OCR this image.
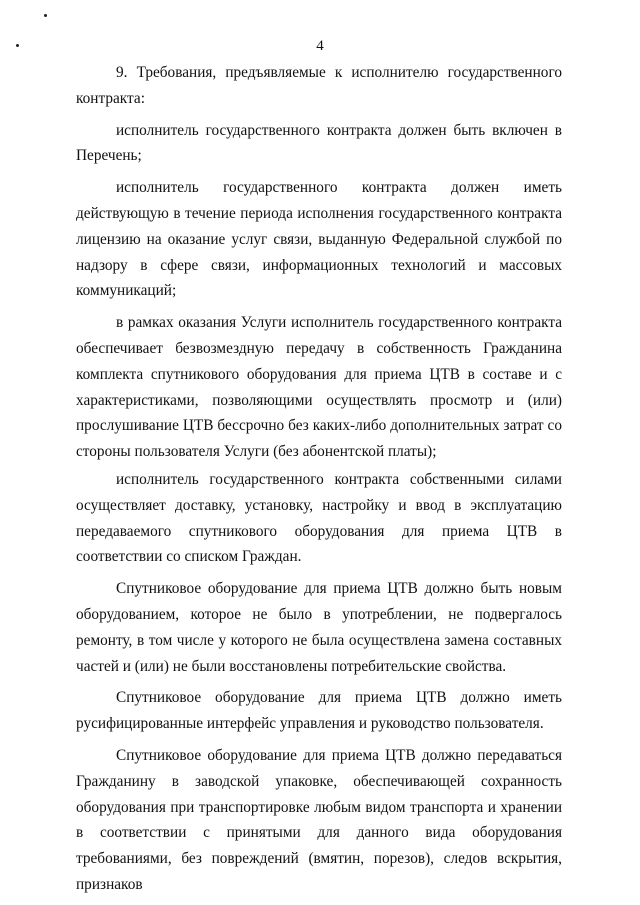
4

9. Требования, предъявляемые к исполнителю государственного контракта:

исполнитель государственного контракта должен быть включен в Перечень;

исполнитель государственного контракта должен иметь действующую в течение периода исполнения государственного контракта лицензию на оказание услуг связи, выданную Федеральной службой по надзору в сфере связи, информационных технологий и массовых коммуникаций;

в рамках оказания Услуги исполнитель государственного контракта обеспечивает безвозмездную передачу в собственность Гражданина комплекта спутникового оборудования для приема ЦТВ в составе и с характеристиками, позволяющими осуществлять просмотр и (или) прослушивание ЦТВ бессрочно без каких-либо дополнительных затрат со стороны пользователя Услуги (без абонентской платы);

исполнитель государственного контракта собственными силами осуществляет доставку, установку, настройку и ввод в эксплуатацию передаваемого спутникового оборудования для приема ЦТВ в соответствии со списком Граждан.

Спутниковое оборудование для приема ЦТВ должно быть новым оборудованием, которое не было в употреблении, не подвергалось ремонту, в том числе у которого не была осуществлена замена составных частей и (или) не были восстановлены потребительские свойства.

Спутниковое оборудование для приема ЦТВ должно иметь русифицированные интерфейс управления и руководство пользователя.

Спутниковое оборудование для приема ЦТВ должно передаваться Гражданину в заводской упаковке, обеспечивающей сохранность оборудования при транспортировке любым видом транспорта и хранении в соответствии с принятыми для данного вида оборудования требованиями, без повреждений (вмятин, порезов), следов вскрытия, признаков
